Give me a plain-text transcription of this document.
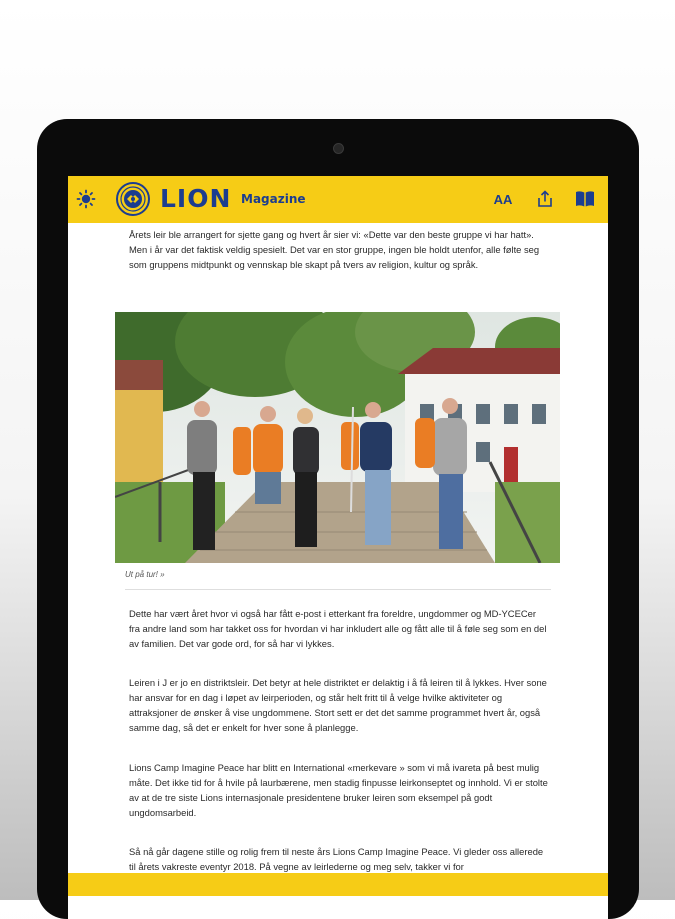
LION Magazine	AA

Årets leir ble arrangert for sjette gang og hvert år sier vi: «Dette var den beste gruppe vi har hatt». Men i år var det faktisk veldig spesielt. Det var en stor gruppe, ingen ble holdt utenfor, alle følte seg som gruppens midtpunkt og vennskap ble skapt på tvers av religion, kultur og språk.

Ut på tur! »

Dette har vært året hvor vi også har fått e-post i etterkant fra foreldre, ungdommer og MD-YCECer fra andre land som har takket oss for hvordan vi har inkludert alle og fått alle til å føle seg som en del av familien. Det var gode ord, for så har vi lykkes.

Leiren i J er jo en distriktsleir. Det betyr at hele distriktet er delaktig i å få leiren til å lykkes. Hver sone har ansvar for en dag i løpet av leirperioden, og står helt fritt til å velge hvilke aktiviteter og attraksjoner de ønsker å vise ungdommene. Stort sett er det det samme programmet hvert år, også samme dag, så det er enkelt for hver sone å planlegge.

Lions Camp Imagine Peace har blitt en International «merkevare » som vi må ivareta på best mulig måte. Det ikke tid for å hvile på laurbærene, men stadig finpusse leirkonseptet og innhold. Vi er stolte av at de tre siste Lions internasjonale presidentene bruker leiren som eksempel på godt ungdomsarbeid.

Så nå går dagene stille og rolig frem til neste års Lions Camp Imagine Peace. Vi gleder oss allerede til årets vakreste eventyr 2018. På vegne av leirlederne og meg selv, takker vi for
